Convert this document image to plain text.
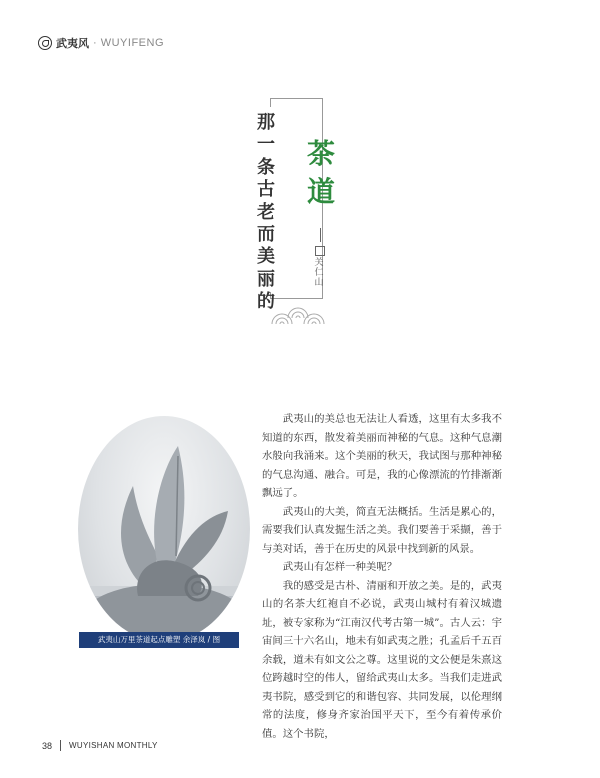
武夷风 · WUYIFENG
那一条古老而美丽的
茶道
关仁山
武夷山万里茶道起点雕塑 余泽岚 / 图

武夷山的美总也无法让人看透，这里有太多我不知道的东西，散发着美丽而神秘的气息。这种气息潮水般向我涌来。这个美丽的秋天，我试图与那种神秘的气息沟通、融合。可是，我的心像漂流的竹排渐渐飘远了。

武夷山的大美，简直无法概括。生活是累心的，需要我们认真发掘生活之美。我们要善于采撷，善于与美对话，善于在历史的风景中找到新的风景。

武夷山有怎样一种美呢？

我的感受是古朴、清丽和开放之美。是的，武夷山的名茶大红袍自不必说，武夷山城村有着汉城遗址，被专家称为“江南汉代考古第一城”。古人云：宇宙间三十六名山，地未有如武夷之胜；孔孟后千五百余载，道未有如文公之尊。这里说的文公便是朱熹这位跨越时空的伟人，留给武夷山太多。当我们走进武夷书院，感受到它的和谐包容、共同发展，以伦理纲常的法度，修身齐家治国平天下，至今有着传承价值。这个书院，

38 WUYISHAN MONTHLY
